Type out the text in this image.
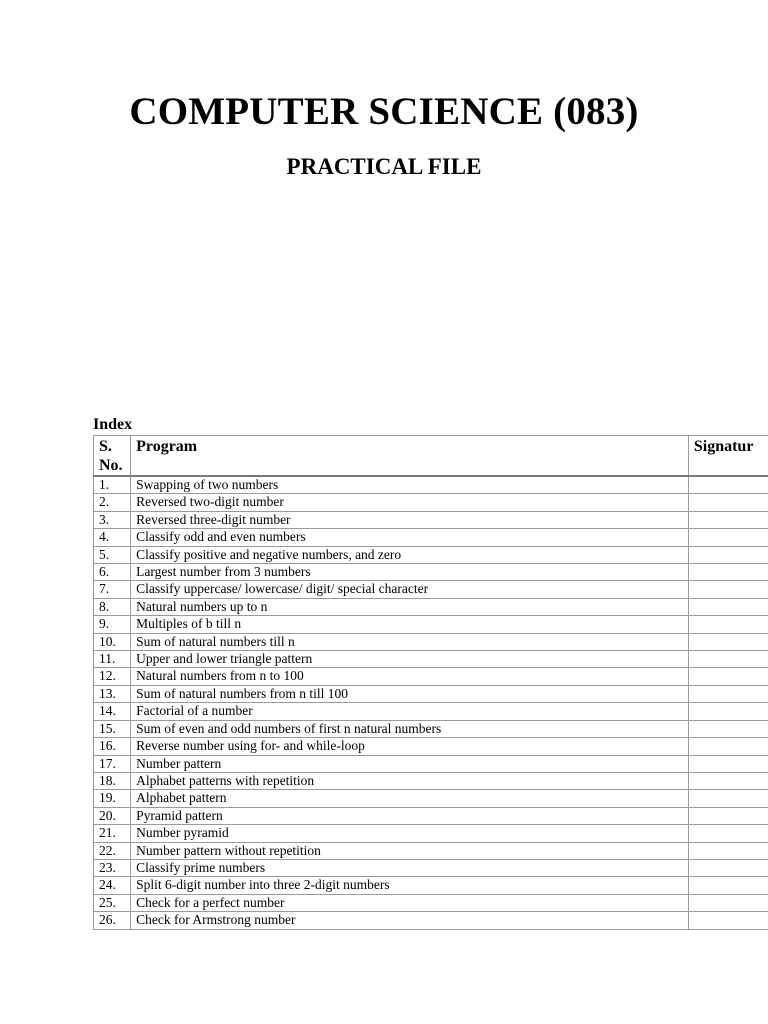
COMPUTER SCIENCE (083)
PRACTICAL FILE
Index
S. No.	Program	Signatur
1.	Swapping of two numbers	
2.	Reversed two-digit number	
3.	Reversed three-digit number	
4.	Classify odd and even numbers	
5.	Classify positive and negative numbers, and zero	
6.	Largest number from 3 numbers	
7.	Classify uppercase/ lowercase/ digit/ special character	
8.	Natural numbers up to n	
9.	Multiples of b till n	
10.	Sum of natural numbers till n	
11.	Upper and lower triangle pattern	
12.	Natural numbers from n to 100	
13.	Sum of natural numbers from n till 100	
14.	Factorial of a number	
15.	Sum of even and odd numbers of first n natural numbers	
16.	Reverse number using for- and while-loop	
17.	Number pattern	
18.	Alphabet patterns with repetition	
19.	Alphabet pattern	
20.	Pyramid pattern	
21.	Number pyramid	
22.	Number pattern without repetition	
23.	Classify prime numbers	
24.	Split 6-digit number into three 2-digit numbers	
25.	Check for a perfect number	
26.	Check for Armstrong number	
